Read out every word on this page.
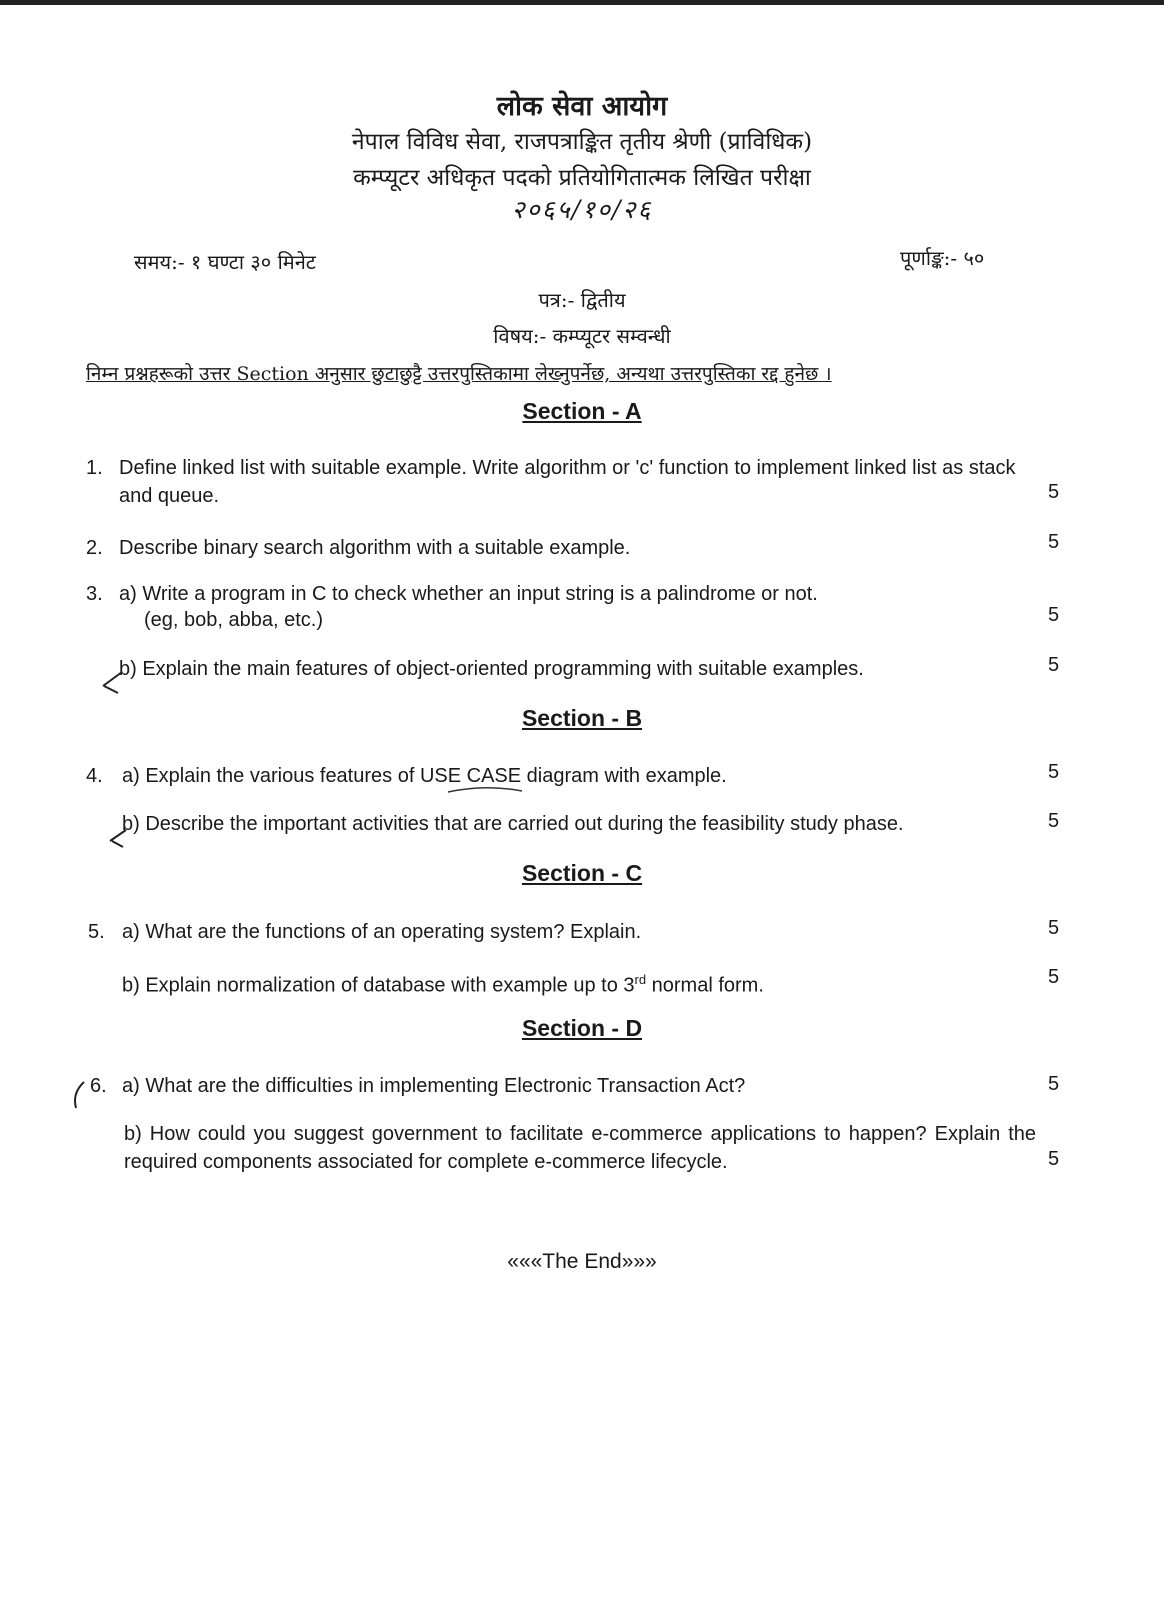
लोक सेवा आयोग
नेपाल विविध सेवा, राजपत्राङ्कित तृतीय श्रेणी (प्राविधिक)
कम्प्यूटर अधिकृत पदको प्रतियोगितात्मक लिखित परीक्षा
२०६५/१०/२६
समय:- १ घण्टा ३० मिनेट	पूर्णाङ्क:- ५०
पत्र:- द्वितीय
विषय:- कम्प्यूटर सम्वन्धी
निम्न प्रश्नहरूको उत्तर Section अनुसार छुटाछुट्टै उत्तरपुस्तिकामा लेख्नुपर्नेछ, अन्यथा उत्तरपुस्तिका रद्द हुनेछ ।
Section - A
1. Define linked list with suitable example. Write algorithm or 'c' function to implement linked list as stack and queue.	5
2. Describe binary search algorithm with a suitable example.	5
3. a) Write a program in C to check whether an input string is a palindrome or not.
(eg, bob, abba, etc.)	5
b) Explain the main features of object-oriented programming with suitable examples.	5
Section - B
4. a) Explain the various features of USE CASE diagram with example.	5
b) Describe the important activities that are carried out during the feasibility study phase.	5
Section - C
5. a) What are the functions of an operating system? Explain.	5
b) Explain normalization of database with example up to 3rd normal form.	5
Section - D
6. a) What are the difficulties in implementing Electronic Transaction Act?	5
b) How could you suggest government to facilitate e-commerce applications to happen? Explain the required components associated for complete e-commerce lifecycle.	5
«««The End»»»
